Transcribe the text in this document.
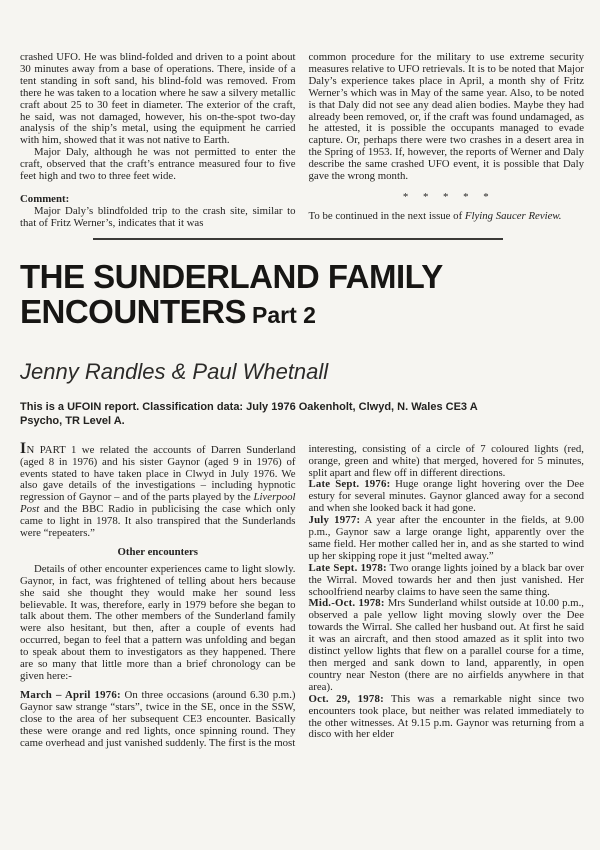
crashed UFO. He was blind-folded and driven to a point about 30 minutes away from a base of operations. There, inside of a tent standing in soft sand, his blind-fold was removed. From there he was taken to a location where he saw a silvery metallic craft about 25 to 30 feet in diameter. The exterior of the craft, he said, was not damaged, however, his on-the-spot two-day analysis of the ship’s metal, using the equipment he carried with him, showed that it was not native to Earth.

Major Daly, although he was not permitted to enter the craft, observed that the craft’s entrance measured four to five feet high and two to three feet wide.

Comment:

Major Daly’s blindfolded trip to the crash site, similar to that of Fritz Werner’s, indicates that it was

common procedure for the military to use extreme security measures relative to UFO retrievals. It is to be noted that Major Daly’s experience takes place in April, a month shy of Fritz Werner’s which was in May of the same year. Also, to be noted is that Daly did not see any dead alien bodies. Maybe they had already been removed, or, if the craft was found undamaged, as he attested, it is possible the occupants managed to evade capture. Or, perhaps there were two crashes in a desert area in the Spring of 1953. If, however, the reports of Werner and Daly describe the same crashed UFO event, it is possible that Daly gave the wrong month.

* * * * *

To be continued in the next issue of Flying Saucer Review.

THE SUNDERLAND FAMILY
ENCOUNTERS Part 2
Jenny Randles & Paul Whetnall
This is a UFOIN report. Classification data: July 1976 Oakenholt, Clwyd, N. Wales CE3 A
Psycho, TR Level A.

IN PART 1 we related the accounts of Darren Sunderland (aged 8 in 1976) and his sister Gaynor (aged 9 in 1976) of events stated to have taken place in Clwyd in July 1976. We also gave details of the investigations – including hypnotic regression of Gaynor – and of the parts played by the Liverpool Post and the BBC Radio in publicising the case which only came to light in 1978. It also transpired that the Sunderlands were “repeaters.”

Other encounters

Details of other encounter experiences came to light slowly. Gaynor, in fact, was frightened of telling about hers because she said she thought they would make her sound less believable. It was, therefore, early in 1979 before she began to talk about them. The other members of the Sunderland family were also hesitant, but then, after a couple of events had occurred, began to feel that a pattern was unfolding and began to speak about them to investigators as they happened. There are so many that little more than a brief chronology can be given here:-

March – April 1976: On three occasions (around 6.30 p.m.) Gaynor saw strange “stars”, twice in the SE, once in the SSW, close to the area of her subsequent CE3 encounter. Basically these were orange and red lights, once spinning round. They came overhead and just vanished suddenly. The first is the most

interesting, consisting of a circle of 7 coloured lights (red, orange, green and white) that merged, hovered for 5 minutes, split apart and flew off in different directions.

Late Sept. 1976: Huge orange light hovering over the Dee estury for several minutes. Gaynor glanced away for a second and when she looked back it had gone.

July 1977: A year after the encounter in the fields, at 9.00 p.m., Gaynor saw a large orange light, apparently over the same field. Her mother called her in, and as she started to wind up her skipping rope it just “melted away.”

Late Sept. 1978: Two orange lights joined by a black bar over the Wirral. Moved towards her and then just vanished. Her schoolfriend nearby claims to have seen the same thing.

Mid.-Oct. 1978: Mrs Sunderland whilst outside at 10.00 p.m., observed a pale yellow light moving slowly over the Dee towards the Wirral. She called her husband out. At first he said it was an aircraft, and then stood amazed as it split into two distinct yellow lights that flew on a parallel course for a time, then merged and sank down to land, apparently, in open country near Neston (there are no airfields anywhere in that area).

Oct. 29, 1978: This was a remarkable night since two encounters took place, but neither was related immediately to the other witnesses. At 9.15 p.m. Gaynor was returning from a disco with her elder
